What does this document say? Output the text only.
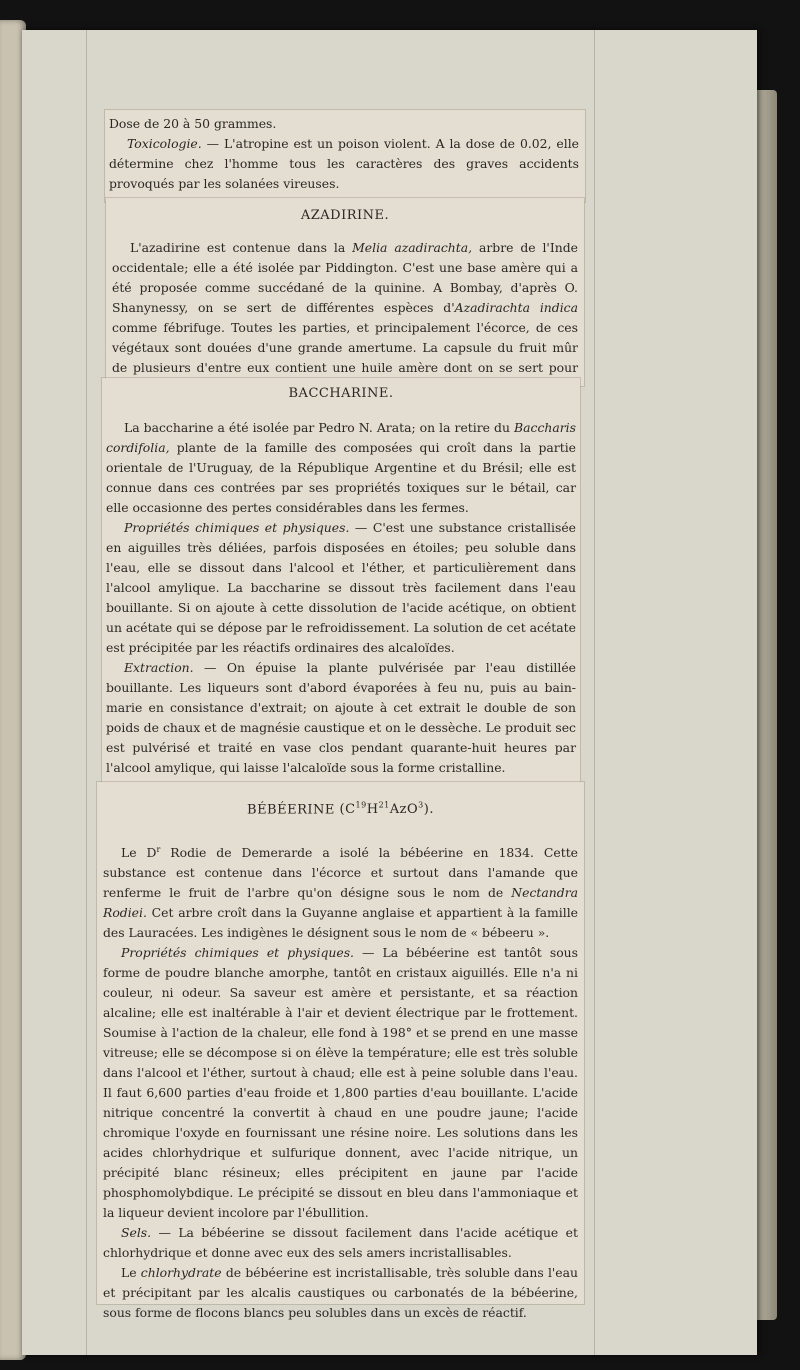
Dose de 20 à 50 grammes.

Toxicologie. — L'atropine est un poison violent. A la dose de 0.02, elle détermine chez l'homme tous les caractères des graves accidents provoqués par les solanées vireuses.

AZADIRINE.

L'azadirine est contenue dans la Melia azadirachta, arbre de l'Inde occidentale; elle a été isolée par Piddington. C'est une base amère qui a été proposée comme succédané de la quinine. A Bombay, d'après O. Shanynessy, on se sert de différentes espèces d'Azadirachta indica comme fébrifuge. Toutes les parties, et principalement l'écorce, de ces végétaux sont douées d'une grande amertume. La capsule du fruit mûr de plusieurs d'entre eux contient une huile amère dont on se sert pour

BACCHARINE.

La baccharine a été isolée par Pedro N. Arata; on la retire du Baccharis cordifolia, plante de la famille des composées qui croît dans la partie orientale de l'Uruguay, de la République Argentine et du Brésil; elle est connue dans ces contrées par ses propriétés toxiques sur le bétail, car elle occasionne des pertes considérables dans les fermes.

Propriétés chimiques et physiques. — C'est une substance cristallisée en aiguilles très déliées, parfois disposées en étoiles; peu soluble dans l'eau, elle se dissout dans l'alcool et l'éther, et particulièrement dans l'alcool amylique. La baccharine se dissout très facilement dans l'eau bouillante. Si on ajoute à cette dissolution de l'acide acétique, on obtient un acétate qui se dépose par le refroidissement. La solution de cet acétate est précipitée par les réactifs ordinaires des alcaloïdes.

Extraction. — On épuise la plante pulvérisée par l'eau distillée bouillante. Les liqueurs sont d'abord évaporées à feu nu, puis au bain-marie en consistance d'extrait; on ajoute à cet extrait le double de son poids de chaux et de magnésie caustique et on le dessèche. Le produit sec est pulvérisé et traité en vase clos pendant quarante-huit heures par l'alcool amylique, qui laisse l'alcaloïde sous la forme cristalline.

BÉBÉERINE $(C^{19}H^{21}AzO^3)$.

Le $D^r$ Rodie de Demerarde a isolé la bébéerine en 1834. Cette substance est contenue dans l'écorce et surtout dans l'amande que renferme le fruit de l'arbre qu'on désigne sous le nom de Nectandra Rodiei. Cet arbre croît dans la Guyanne anglaise et appartient à la famille des Lauracées. Les indigènes le désignent sous le nom de « bébeeru ».

Propriétés chimiques et physiques. — La bébéerine est tantôt sous forme de poudre blanche amorphe, tantôt en cristaux aiguillés. Elle n'a ni couleur, ni odeur. Sa saveur est amère et persistante, et sa réaction alcaline; elle est inaltérable à l'air et devient électrique par le frottement. Soumise à l'action de la chaleur, elle fond à 198° et se prend en une masse vitreuse; elle se décompose si on élève la température; elle est très soluble dans l'alcool et l'éther, surtout à chaud; elle est à peine soluble dans l'eau. Il faut 6,600 parties d'eau froide et 1,800 parties d'eau bouillante. L'acide nitrique concentré la convertit à chaud en une poudre jaune; l'acide chromique l'oxyde en fournissant une résine noire. Les solutions dans les acides chlorhydrique et sulfurique donnent, avec l'acide nitrique, un précipité blanc résineux; elles précipitent en jaune par l'acide phosphomolybdique. Le précipité se dissout en bleu dans l'ammoniaque et la liqueur devient incolore par l'ébullition.

Sels. — La bébéerine se dissout facilement dans l'acide acétique et chlorhydrique et donne avec eux des sels amers incristallisables.

Le chlorhydrate de bébéerine est incristallisable, très soluble dans l'eau et précipitant par les alcalis caustiques ou carbonatés de la bébéerine, sous forme de flocons blancs peu solubles dans un excès de réactif.
